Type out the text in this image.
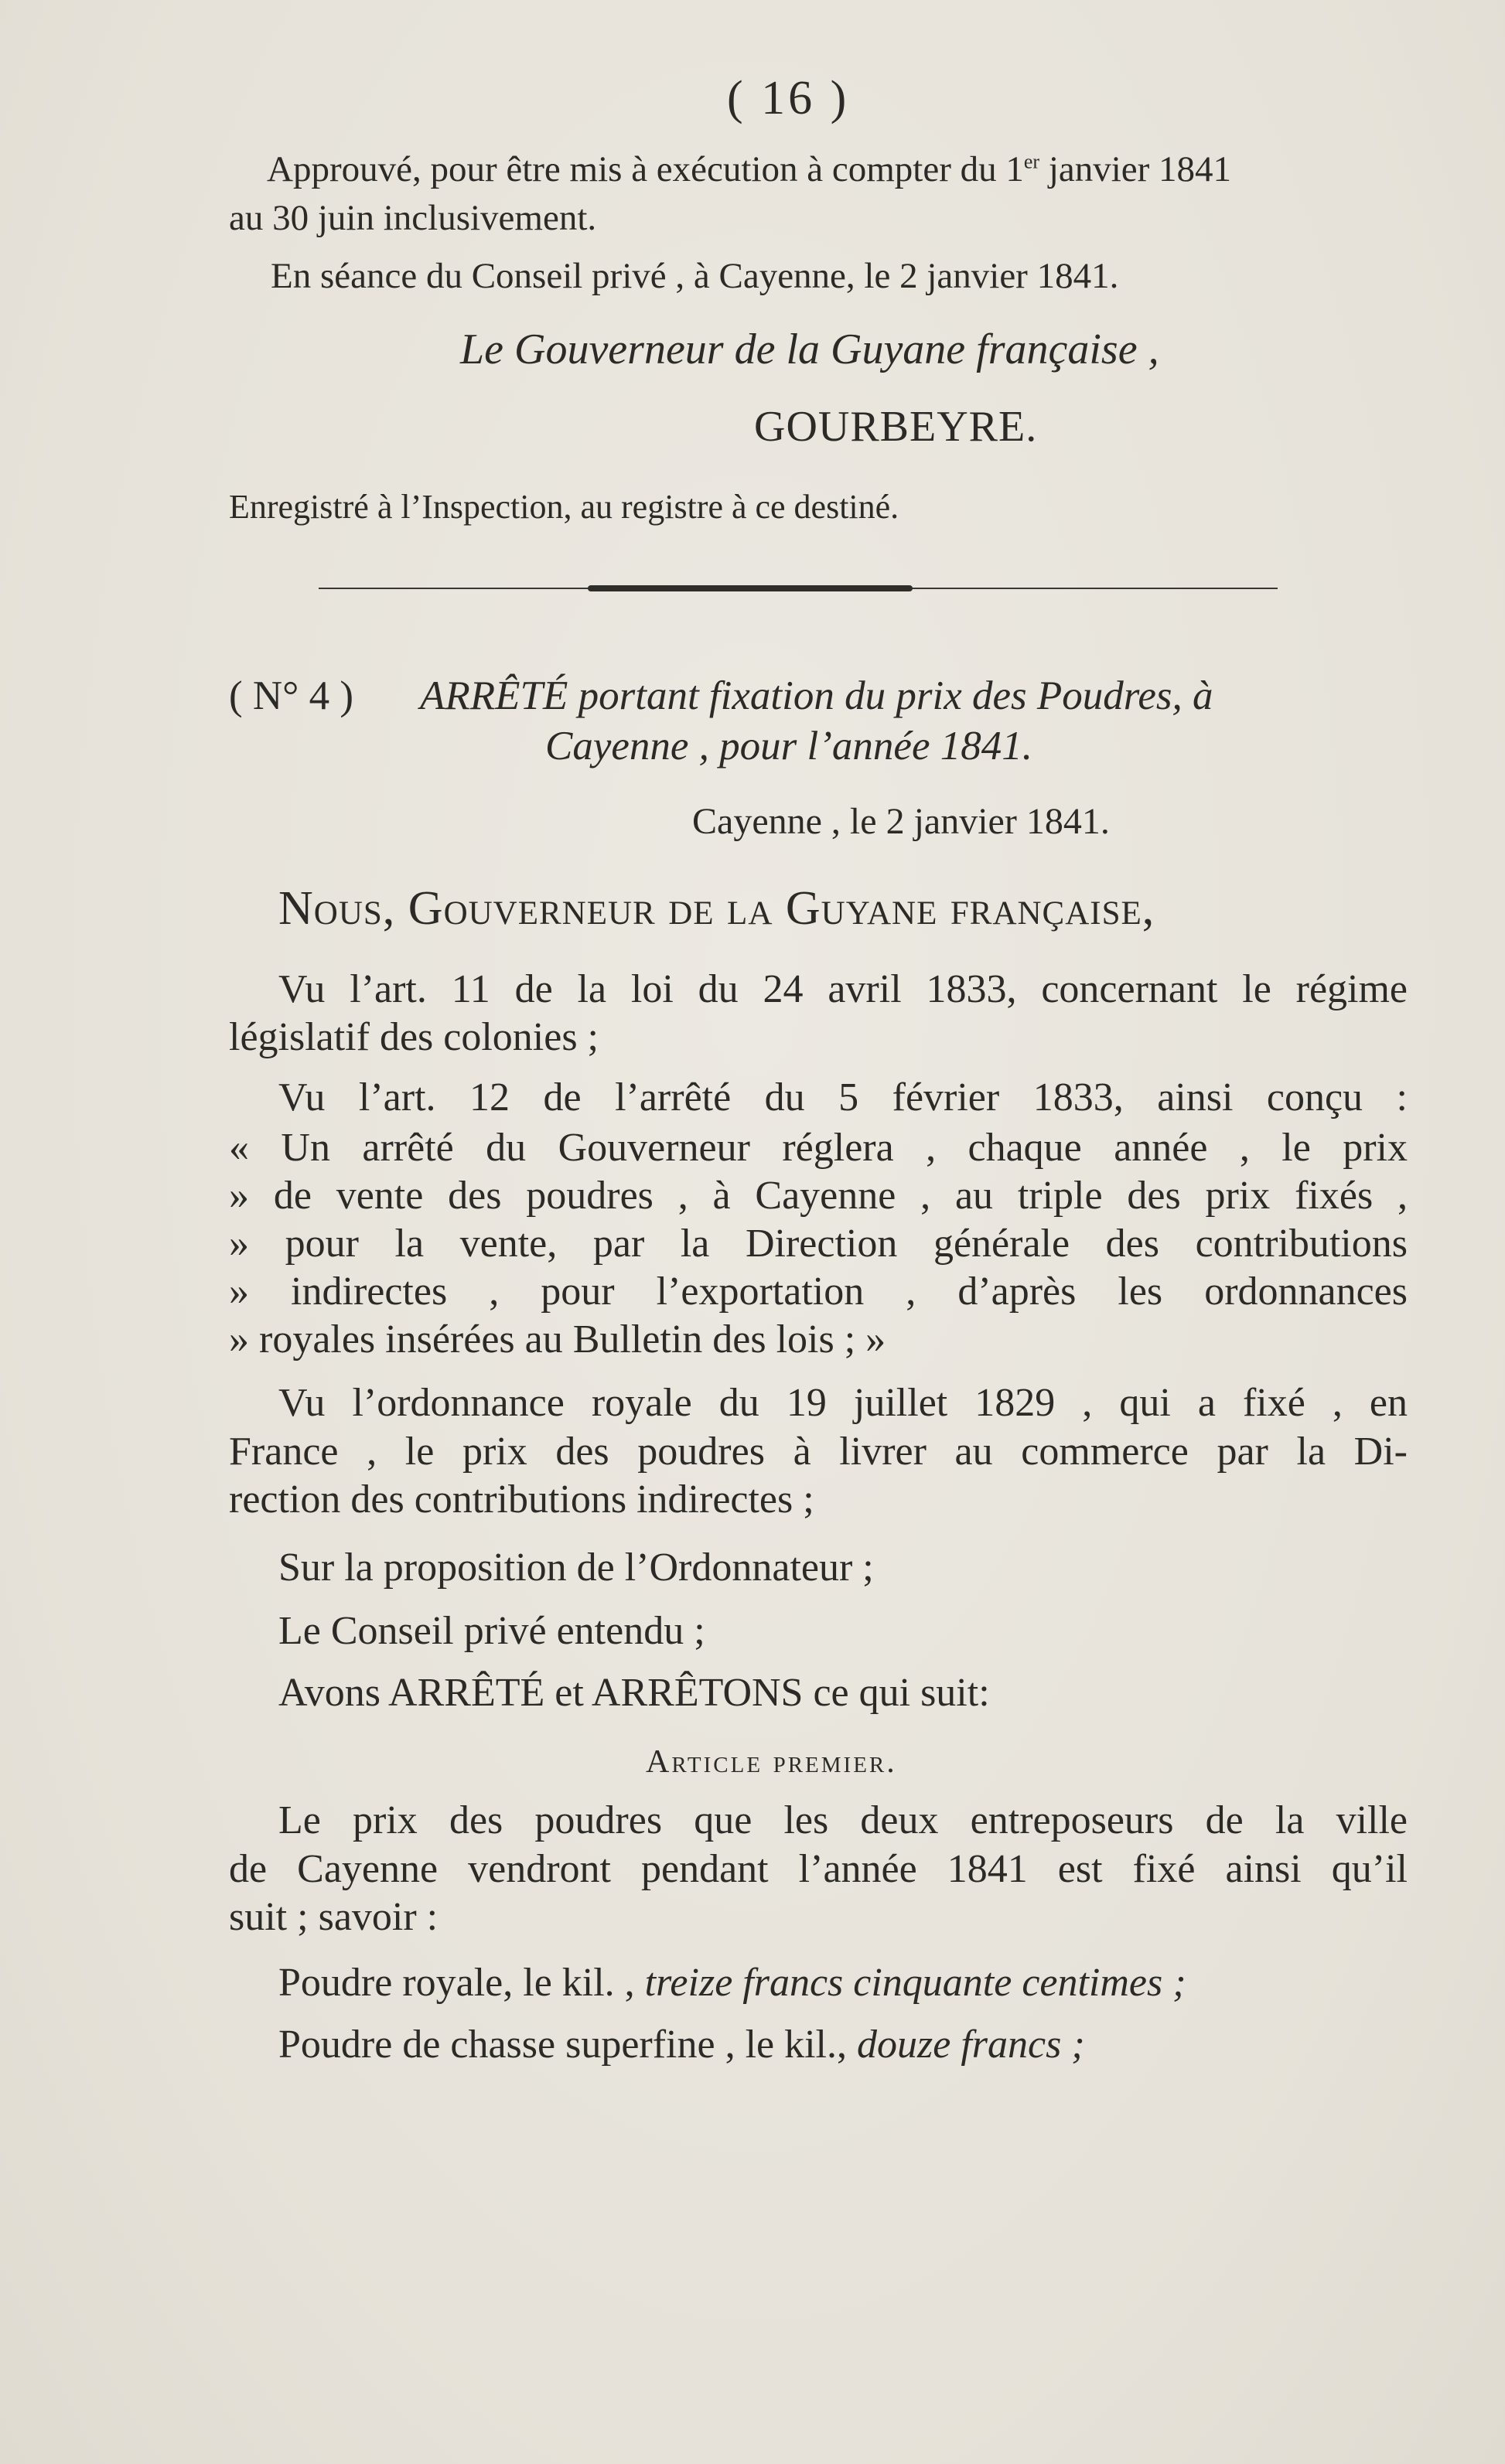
( 16 )
Approuvé, pour être mis à exécution à compter du 1er janvier 1841
au 30 juin inclusivement.
En séance du Conseil privé , à Cayenne, le 2 janvier 1841.
Le Gouverneur de la Guyane française ,
GOURBEYRE.
Enregistré à l’Inspection, au registre à ce destiné.
( N° 4 ) ARRÊTÉ portant fixation du prix des Poudres, à
Cayenne , pour l’année 1841.
Cayenne , le 2 janvier 1841.
Nous, Gouverneur de la Guyane française,
Vu l’art. 11 de la loi du 24 avril 1833, concernant le régime
législatif des colonies ;
Vu l’art. 12 de l’arrêté du 5 février 1833, ainsi conçu :
« Un arrêté du Gouverneur réglera , chaque année , le prix
» de vente des poudres , à Cayenne , au triple des prix fixés ,
» pour la vente, par la Direction générale des contributions
» indirectes , pour l’exportation , d’après les ordonnances
» royales insérées au Bulletin des lois ; »
Vu l’ordonnance royale du 19 juillet 1829 , qui a fixé , en
France , le prix des poudres à livrer au commerce par la Di-
rection des contributions indirectes ;
Sur la proposition de l’Ordonnateur ;
Le Conseil privé entendu ;
Avons ARRÊTÉ et ARRÊTONS ce qui suit:
Article premier.
Le prix des poudres que les deux entreposeurs de la ville
de Cayenne vendront pendant l’année 1841 est fixé ainsi qu’il
suit ; savoir :
Poudre royale, le kil. , treize francs cinquante centimes ;
Poudre de chasse superfine , le kil., douze francs ;
